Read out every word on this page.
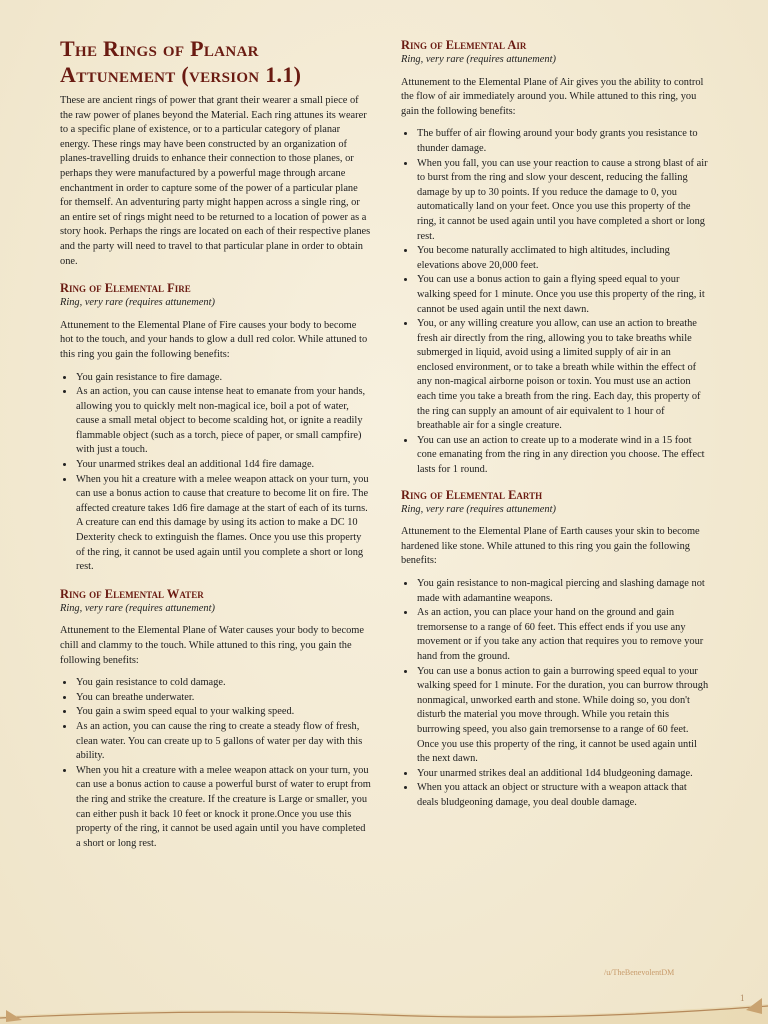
The Rings of Planar Attunement (version 1.1)

These are ancient rings of power that grant their wearer a small piece of the raw power of planes beyond the Material. Each ring attunes its wearer to a specific plane of existence, or to a particular category of planar energy. These rings may have been constructed by an organization of planes-travelling druids to enhance their connection to those planes, or perhaps they were manufactured by a powerful mage through arcane enchantment in order to capture some of the power of a particular plane for themself. An adventuring party might happen across a single ring, or an entire set of rings might need to be returned to a location of power as a story hook. Perhaps the rings are located on each of their respective planes and the party will need to travel to that particular plane in order to obtain one.

Ring of Elemental Fire
Ring, very rare (requires attunement)

Attunement to the Elemental Plane of Fire causes your body to become hot to the touch, and your hands to glow a dull red color. While attuned to this ring you gain the following benefits:

• You gain resistance to fire damage.
• As an action, you can cause intense heat to emanate from your hands, allowing you to quickly melt non-magical ice, boil a pot of water, cause a small metal object to become scalding hot, or ignite a readily flammable object (such as a torch, piece of paper, or small campfire) with just a touch.
• Your unarmed strikes deal an additional 1d4 fire damage.
• When you hit a creature with a melee weapon attack on your turn, you can use a bonus action to cause that creature to become lit on fire. The affected creature takes 1d6 fire damage at the start of each of its turns. A creature can end this damage by using its action to make a DC 10 Dexterity check to extinguish the flames. Once you use this property of the ring, it cannot be used again until you complete a short or long rest.
Ring of Elemental Water
Ring, very rare (requires attunement)

Attunement to the Elemental Plane of Water causes your body to become chill and clammy to the touch. While attuned to this ring, you gain the following benefits:

• You gain resistance to cold damage.
• You can breathe underwater.
• You gain a swim speed equal to your walking speed.
• As an action, you can cause the ring to create a steady flow of fresh, clean water. You can create up to 5 gallons of water per day with this ability.
• When you hit a creature with a melee weapon attack on your turn, you can use a bonus action to cause a powerful burst of water to erupt from the ring and strike the creature. If the creature is Large or smaller, you can either push it back 10 feet or knock it prone.Once you use this property of the ring, it cannot be used again until you have completed a short or long rest.
Ring of Elemental Air
Ring, very rare (requires attunement)

Attunement to the Elemental Plane of Air gives you the ability to control the flow of air immediately around you. While attuned to this ring, you gain the following benefits:

• The buffer of air flowing around your body grants you resistance to thunder damage.
• When you fall, you can use your reaction to cause a strong blast of air to burst from the ring and slow your descent, reducing the falling damage by up to 30 points. If you reduce the damage to 0, you automatically land on your feet. Once you use this property of the ring, it cannot be used again until you have completed a short or long rest.
• You become naturally acclimated to high altitudes, including elevations above 20,000 feet.
• You can use a bonus action to gain a flying speed equal to your walking speed for 1 minute. Once you use this property of the ring, it cannot be used again until the next dawn.
• You, or any willing creature you allow, can use an action to breathe fresh air directly from the ring, allowing you to take breaths while submerged in liquid, avoid using a limited supply of air in an enclosed environment, or to take a breath while within the effect of any non-magical airborne poison or toxin. You must use an action each time you take a breath from the ring. Each day, this property of the ring can supply an amount of air equivalent to 1 hour of breathable air for a single creature.
• You can use an action to create up to a moderate wind in a 15 foot cone emanating from the ring in any direction you choose. The effect lasts for 1 round.
Ring of Elemental Earth
Ring, very rare (requires attunement)

Attunement to the Elemental Plane of Earth causes your skin to become hardened like stone. While attuned to this ring you gain the following benefits:

• You gain resistance to non-magical piercing and slashing damage not made with adamantine weapons.
• As an action, you can place your hand on the ground and gain tremorsense to a range of 60 feet. This effect ends if you use any movement or if you take any action that requires you to remove your hand from the ground.
• You can use a bonus action to gain a burrowing speed equal to your walking speed for 1 minute. For the duration, you can burrow through nonmagical, unworked earth and stone. While doing so, you don't disturb the material you move through. While you retain this burrowing speed, you also gain tremorsense to a range of 60 feet. Once you use this property of the ring, it cannot be used again until the next dawn.
• Your unarmed strikes deal an additional 1d4 bludgeoning damage.
• When you attack an object or structure with a weapon attack that deals bludgeoning damage, you deal double damage.
/u/TheBenevolentDM
1
